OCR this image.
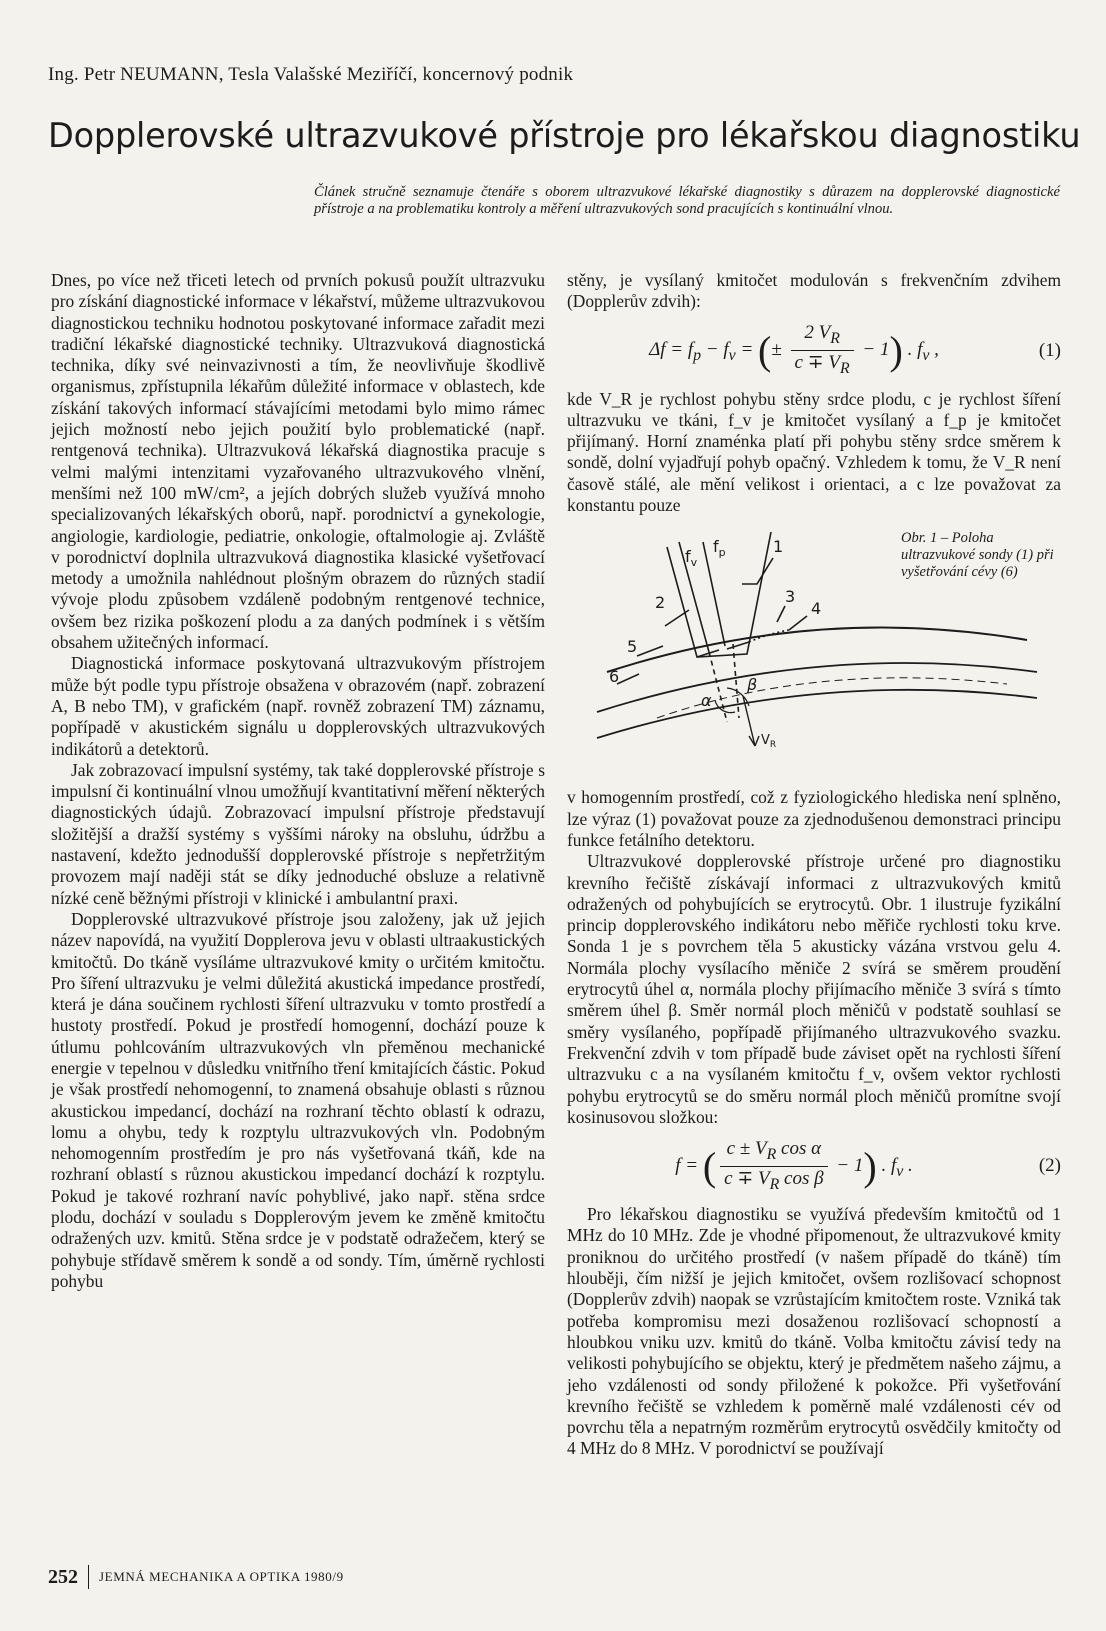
Ing. Petr NEUMANN, Tesla Valašské Meziříčí, koncernový podnik
Dopplerovské ultrazvukové přístroje pro lékařskou diagnostiku

Článek stručně seznamuje čtenáře s oborem ultrazvukové lékařské diagnostiky s důrazem na dopplerovské diagnostické přístroje a na problematiku kontroly a měření ultrazvukových sond pracujících s kontinuální vlnou.

Dnes, po více než třiceti letech od prvních pokusů použít ultrazvuku pro získání diagnostické informace v lékařství, můžeme ultrazvukovou diagnostickou techniku hodnotou poskytované informace zařadit mezi tradiční lékařské diagnostické techniky. Ultrazvuková diagnostická technika, díky své neinvazivnosti a tím, že neovlivňuje škodlivě organismus, zpřístupnila lékařům důležité informace v oblastech, kde získání takových informací stávajícími metodami bylo mimo rámec jejich možností nebo jejich použití bylo problematické (např. rentgenová technika). Ultrazvuková lékařská diagnostika pracuje s velmi malými intenzitami vyzařovaného ultrazvukového vlnění, menšími než 100 mW/cm², a jejích dobrých služeb využívá mnoho specializovaných lékařských oborů, např. porodnictví a gynekologie, angiologie, kardiologie, pediatrie, onkologie, oftalmologie aj. Zvláště v porodnictví doplnila ultrazvuková diagnostika klasické vyšetřovací metody a umožnila nahlédnout plošným obrazem do různých stadií vývoje plodu způsobem vzdáleně podobným rentgenové technice, ovšem bez rizika poškození plodu a za daných podmínek i s větším obsahem užitečných informací.

Diagnostická informace poskytovaná ultrazvukovým přístrojem může být podle typu přístroje obsažena v obrazovém (např. zobrazení A, B nebo TM), v grafickém (např. rovněž zobrazení TM) záznamu, popřípadě v akustickém signálu u dopplerovských ultrazvukových indikátorů a detektorů.

Jak zobrazovací impulsní systémy, tak také dopplerovské přístroje s impulsní či kontinuální vlnou umožňují kvantitativní měření některých diagnostických údajů. Zobrazovací impulsní přístroje představují složitější a dražší systémy s vyššími nároky na obsluhu, údržbu a nastavení, kdežto jednodušší dopplerovské přístroje s nepřetržitým provozem mají naději stát se díky jednoduché obsluze a relativně nízké ceně běžnými přístroji v klinické i ambulantní praxi.

Dopplerovské ultrazvukové přístroje jsou založeny, jak už jejich název napovídá, na využití Dopplerova jevu v oblasti ultraakustických kmitočtů. Do tkáně vysíláme ultrazvukové kmity o určitém kmitočtu. Pro šíření ultrazvuku je velmi důležitá akustická impedance prostředí, která je dána součinem rychlosti šíření ultrazvuku v tomto prostředí a hustoty prostředí. Pokud je prostředí homogenní, dochází pouze k útlumu pohlcováním ultrazvukových vln přeměnou mechanické energie v tepelnou v důsledku vnitřního tření kmitajících částic. Pokud je však prostředí nehomogenní, to znamená obsahuje oblasti s různou akustickou impedancí, dochází na rozhraní těchto oblastí k odrazu, lomu a ohybu, tedy k rozptylu ultrazvukových vln. Podobným nehomogenním prostředím je pro nás vyšetřovaná tkáň, kde na rozhraní oblastí s různou akustickou impedancí dochází k rozptylu. Pokud je takové rozhraní navíc pohyblivé, jako např. stěna srdce plodu, dochází v souladu s Dopplerovým jevem ke změně kmitočtu odražených uzv. kmitů. Stěna srdce je v podstatě odražečem, který se pohybuje střídavě směrem k sondě a od sondy. Tím, úměrně rychlosti pohybu

stěny, je vysílaný kmitočet modulován s frekvenčním zdvihem (Dopplerův zdvih):

$\Delta f = f_p - f_v$ = (± $\frac{2 V_R}{c \mp V_R} - 1$) . $f_v$ ,	(1)

kde V_R je rychlost pohybu stěny srdce plodu, c je rychlost šíření ultrazvuku ve tkáni, f_v je kmitočet vysílaný a f_p je kmitočet přijímaný. Horní znaménka platí při pohybu stěny srdce směrem k sondě, dolní vyjadřují pohyb opačný. Vzhledem k tomu, že V_R není časově stálé, ale mění velikost i orientaci, a c lze považovat za konstantu pouze

1
2	3
4
5
6
$f_v$
$f_p$
α
β
$V_R$
Obr. 1 – Poloha ultrazvukové sondy (1) při vyšetřování cévy (6)

v homogenním prostředí, což z fyziologického hlediska není splněno, lze výraz (1) považovat pouze za zjednodušenou demonstraci principu funkce fetálního detektoru.

Ultrazvukové dopplerovské přístroje určené pro diagnostiku krevního řečiště získávají informaci z ultrazvukových kmitů odražených od pohybujících se erytrocytů. Obr. 1 ilustruje fyzikální princip dopplerovského indikátoru nebo měřiče rychlosti toku krve. Sonda 1 je s povrchem těla 5 akusticky vázána vrstvou gelu 4. Normála plochy vysílacího měniče 2 svírá se směrem proudění erytrocytů úhel α, normála plochy přijímacího měniče 3 svírá s tímto směrem úhel β. Směr normál ploch měničů v podstatě souhlasí se směry vysílaného, popřípadě přijímaného ultrazvukového svazku. Frekvenční zdvih v tom případě bude záviset opět na rychlosti šíření ultrazvuku c a na vysílaném kmitočtu f_v, ovšem vektor rychlosti pohybu erytrocytů se do směru normál ploch měničů promítne svojí kosinusovou složkou:

f = ( $\frac{c \pm V_R \cos \alpha}{c \mp V_R \cos \beta} - 1$) . $f_v$ .	(2)

Pro lékařskou diagnostiku se využívá především kmitočtů od 1 MHz do 10 MHz. Zde je vhodné připomenout, že ultrazvukové kmity proniknou do určitého prostředí (v našem případě do tkáně) tím hlouběji, čím nižší je jejich kmitočet, ovšem rozlišovací schopnost (Dopplerův zdvih) naopak se vzrůstajícím kmitočtem roste. Vzniká tak potřeba kompromisu mezi dosaženou rozlišovací schopností a hloubkou vniku uzv. kmitů do tkáně. Volba kmitočtu závisí tedy na velikosti pohybujícího se objektu, který je předmětem našeho zájmu, a jeho vzdálenosti od sondy přiložené k pokožce. Při vyšetřování krevního řečiště se vzhledem k poměrně malé vzdálenosti cév od povrchu těla a nepatrným rozměrům erytrocytů osvědčily kmitočty od 4 MHz do 8 MHz. V porodnictví se používají

252 JEMNÁ MECHANIKA A OPTIKA 1980/9
